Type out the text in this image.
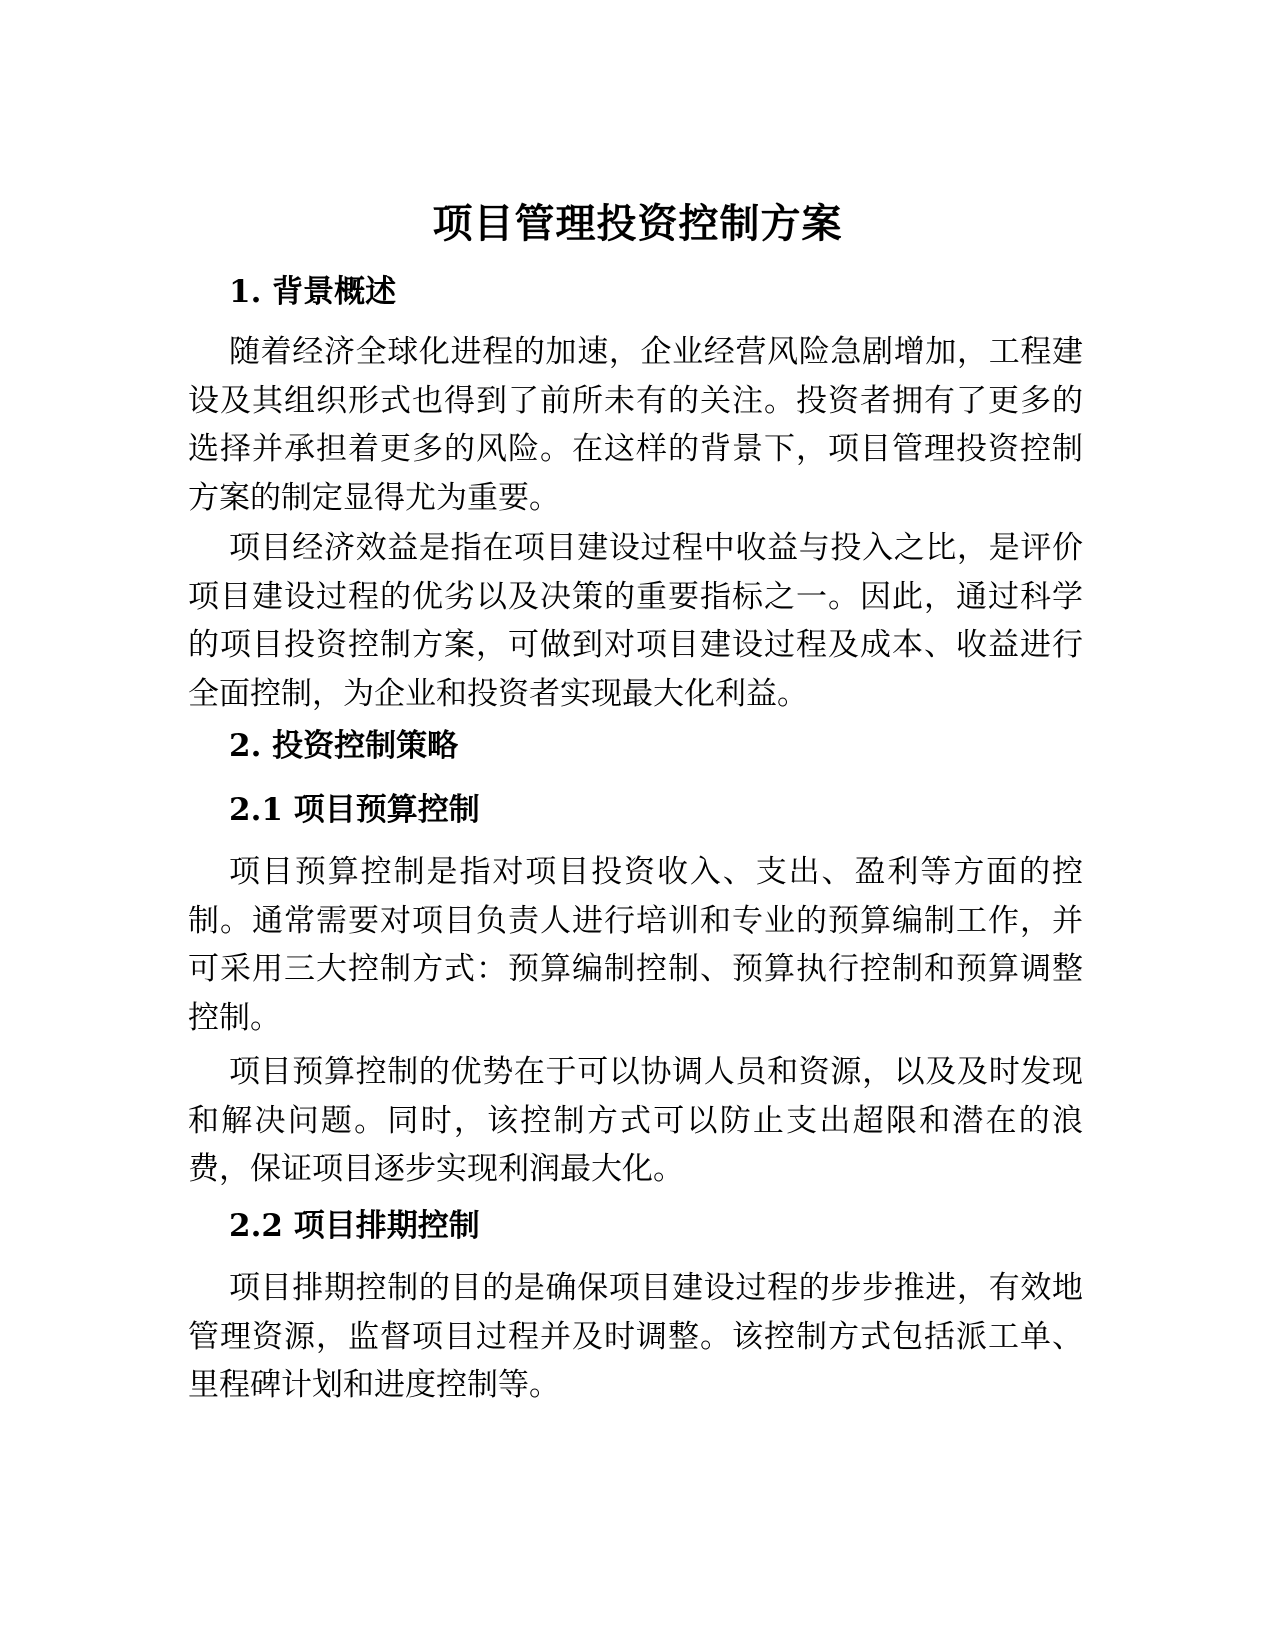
项目管理投资控制方案
1. 背景概述

随着经济全球化进程的加速，企业经营风险急剧增加，工程建设及其组织形式也得到了前所未有的关注。投资者拥有了更多的选择并承担着更多的风险。在这样的背景下，项目管理投资控制方案的制定显得尤为重要。

项目经济效益是指在项目建设过程中收益与投入之比，是评价项目建设过程的优劣以及决策的重要指标之一。因此，通过科学的项目投资控制方案，可做到对项目建设过程及成本、收益进行全面控制，为企业和投资者实现最大化利益。

2. 投资控制策略
2.1 项目预算控制

项目预算控制是指对项目投资收入、支出、盈利等方面的控制。通常需要对项目负责人进行培训和专业的预算编制工作，并可采用三大控制方式：预算编制控制、预算执行控制和预算调整控制。

项目预算控制的优势在于可以协调人员和资源，以及及时发现和解决问题。同时，该控制方式可以防止支出超限和潜在的浪费，保证项目逐步实现利润最大化。

2.2 项目排期控制

项目排期控制的目的是确保项目建设过程的步步推进，有效地管理资源，监督项目过程并及时调整。该控制方式包括派工单、里程碑计划和进度控制等。
